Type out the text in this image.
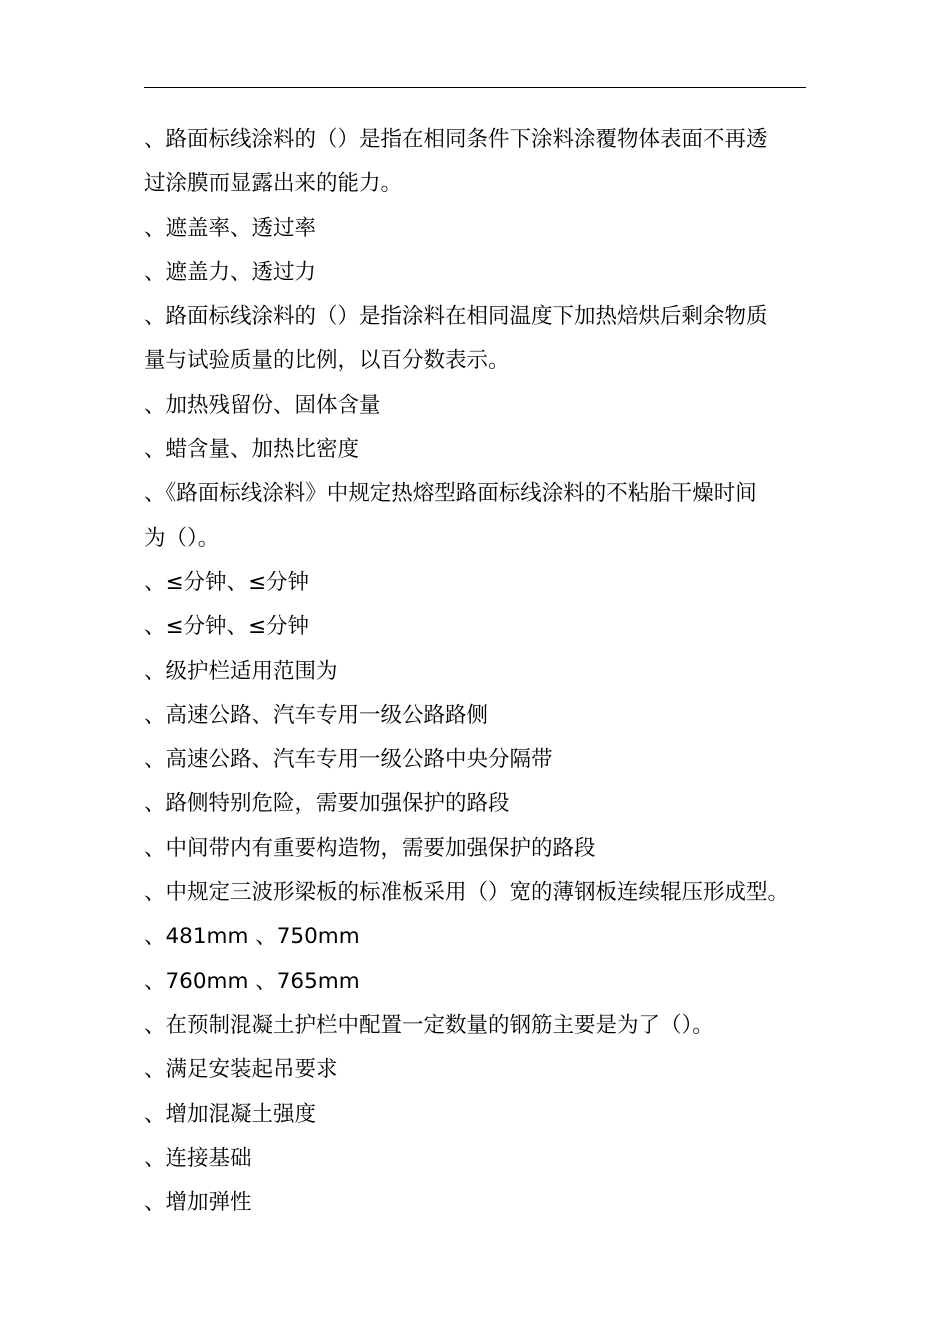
、路面标线涂料的（）是指在相同条件下涂料涂覆物体表面不再透
过涂膜而显露出来的能力。
、遮盖率、透过率
、遮盖力、透过力
、路面标线涂料的（）是指涂料在相同温度下加热焙烘后剩余物质
量与试验质量的比例，以百分数表示。
、加热残留份、固体含量
、蜡含量、加热比密度
、《路面标线涂料》中规定热熔型路面标线涂料的不粘胎干燥时间
为（）。
、≤分钟、≤分钟
、≤分钟、≤分钟
、级护栏适用范围为
、高速公路、汽车专用一级公路路侧
、高速公路、汽车专用一级公路中央分隔带
、路侧特别危险，需要加强保护的路段
、中间带内有重要构造物，需要加强保护的路段
、中规定三波形梁板的标准板采用（）宽的薄钢板连续辊压形成型。
、481mm 、750mm
、760mm 、765mm
、在预制混凝土护栏中配置一定数量的钢筋主要是为了（）。
、满足安装起吊要求
、增加混凝土强度
、连接基础
、增加弹性
